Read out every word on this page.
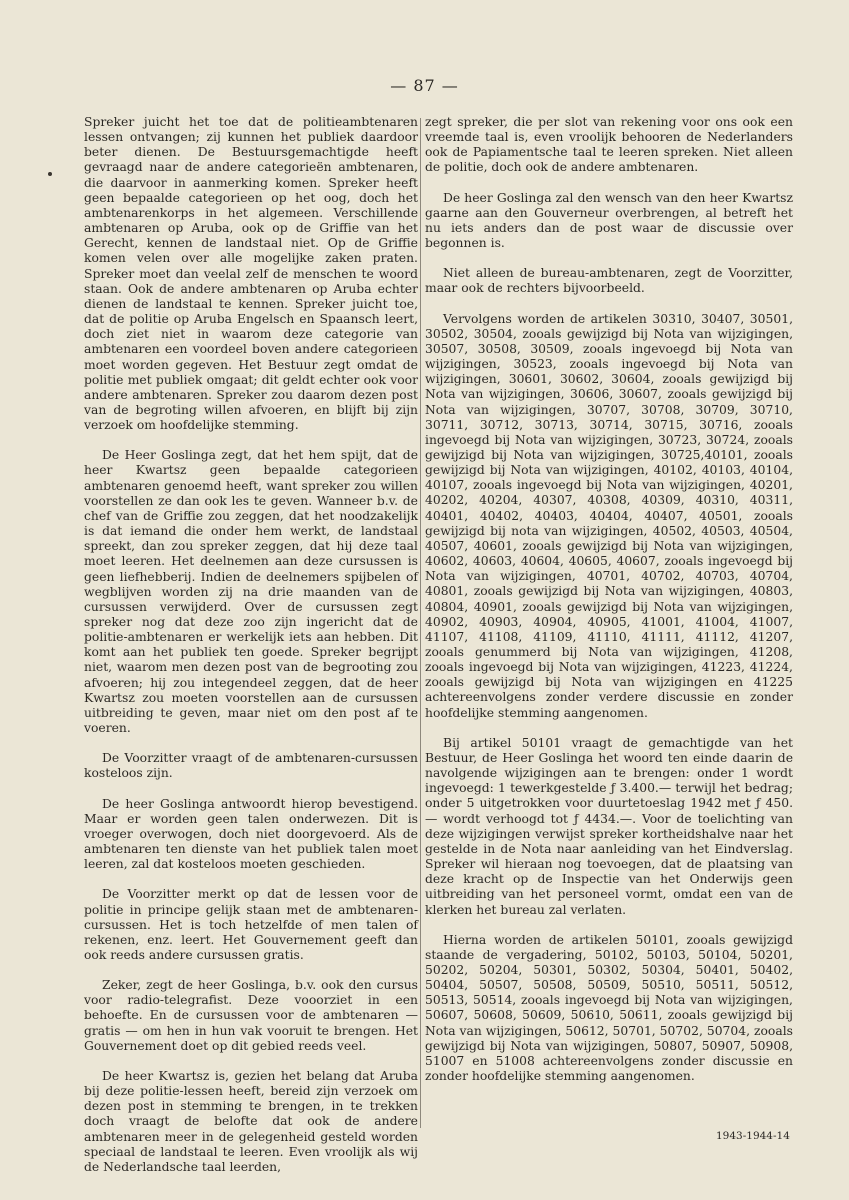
— 87 —

Spreker juicht het toe dat de politieambtenaren lessen ontvangen; zij kunnen het publiek daardoor beter dienen. De Bestuursgemachtigde heeft gevraagd naar de andere categorieën ambtenaren, die daarvoor in aanmerking komen. Spreker heeft geen bepaalde categorieen op het oog, doch het ambtenarenkorps in het algemeen. Verschillende ambtenaren op Aruba, ook op de Griffie van het Gerecht, kennen de landstaal niet. Op de Griffie komen velen over alle mogelijke zaken praten. Spreker moet dan veelal zelf de menschen te woord staan. Ook de andere ambtenaren op Aruba echter dienen de landstaal te kennen. Spreker juicht toe, dat de politie op Aruba Engelsch en Spaansch leert, doch ziet niet in waarom deze categorie van ambtenaren een voordeel boven andere categorieen moet worden gegeven. Het Bestuur zegt omdat de politie met publiek omgaat; dit geldt echter ook voor andere ambtenaren. Spreker zou daarom dezen post van de begroting willen afvoeren, en blijft bij zijn verzoek om hoofdelijke stemming.

De Heer Goslinga zegt, dat het hem spijt, dat de heer Kwartsz geen bepaalde categorieen ambtenaren genoemd heeft, want spreker zou willen voorstellen ze dan ook les te geven. Wanneer b.v. de chef van de Griffie zou zeggen, dat het noodzakelijk is dat iemand die onder hem werkt, de landstaal spreekt, dan zou spreker zeggen, dat hij deze taal moet leeren. Het deelnemen aan deze cursussen is geen liefhebberij. Indien de deelnemers spijbelen of wegblijven worden zij na drie maanden van de cursussen verwijderd. Over de cursussen zegt spreker nog dat deze zoo zijn ingericht dat de politie-ambtenaren er werkelijk iets aan hebben. Dit komt aan het publiek ten goede. Spreker begrijpt niet, waarom men dezen post van de begrooting zou afvoeren; hij zou integendeel zeggen, dat de heer Kwartsz zou moeten voorstellen aan de cursussen uitbreiding te geven, maar niet om den post af te voeren.

De Voorzitter vraagt of de ambtenaren-cursussen kosteloos zijn.

De heer Goslinga antwoordt hierop bevestigend. Maar er worden geen talen onderwezen. Dit is vroeger overwogen, doch niet doorgevoerd. Als de ambtenaren ten dienste van het publiek talen moet leeren, zal dat kosteloos moeten geschieden.

De Voorzitter merkt op dat de lessen voor de politie in principe gelijk staan met de ambtenaren-cursussen. Het is toch hetzelfde of men talen of rekenen, enz. leert. Het Gouvernement geeft dan ook reeds andere cursussen gratis.

Zeker, zegt de heer Goslinga, b.v. ook den cursus voor radio-telegrafist. Deze vooorziet in een behoefte. En de cursussen voor de ambtenaren — gratis — om hen in hun vak vooruit te brengen. Het Gouvernement doet op dit gebied reeds veel.

De heer Kwartsz is, gezien het belang dat Aruba bij deze politie-lessen heeft, bereid zijn verzoek om dezen post in stemming te brengen, in te trekken doch vraagt de belofte dat ook de andere ambtenaren meer in de gelegenheid gesteld worden speciaal de landstaal te leeren. Even vroolijk als wij de Nederlandsche taal leerden,

zegt spreker, die per slot van rekening voor ons ook een vreemde taal is, even vroolijk behooren de Nederlanders ook de Papiamentsche taal te leeren spreken. Niet alleen de politie, doch ook de andere ambtenaren.

De heer Goslinga zal den wensch van den heer Kwartsz gaarne aan den Gouverneur overbrengen, al betreft het nu iets anders dan de post waar de discussie over begonnen is.

Niet alleen de bureau-ambtenaren, zegt de Voorzitter, maar ook de rechters bijvoorbeeld.

Vervolgens worden de artikelen 30310, 30407, 30501, 30502, 30504, zooals gewijzigd bij Nota van wijzigingen, 30507, 30508, 30509, zooals ingevoegd bij Nota van wijzigingen, 30523, zooals ingevoegd bij Nota van wijzigingen, 30601, 30602, 30604, zooals gewijzigd bij Nota van wijzigingen, 30606, 30607, zooals gewijzigd bij Nota van wijzigingen, 30707, 30708, 30709, 30710, 30711, 30712, 30713, 30714, 30715, 30716, zooals ingevoegd bij Nota van wijzigingen, 30723, 30724, zooals gewijzigd bij Nota van wijzigingen, 30725,40101, zooals gewijzigd bij Nota van wijzigingen, 40102, 40103, 40104, 40107, zooals ingevoegd bij Nota van wijzigingen, 40201, 40202, 40204, 40307, 40308, 40309, 40310, 40311, 40401, 40402, 40403, 40404, 40407, 40501, zooals gewijzigd bij nota van wijzigingen, 40502, 40503, 40504, 40507, 40601, zooals gewijzigd bij Nota van wijzigingen, 40602, 40603, 40604, 40605, 40607, zooals ingevoegd bij Nota van wijzigingen, 40701, 40702, 40703, 40704, 40801, zooals gewijzigd bij Nota van wijzigingen, 40803, 40804, 40901, zooals gewijzigd bij Nota van wijzigingen, 40902, 40903, 40904, 40905, 41001, 41004, 41007, 41107, 41108, 41109, 41110, 41111, 41112, 41207, zooals genummerd bij Nota van wijzigingen, 41208, zooals ingevoegd bij Nota van wijzigingen, 41223, 41224, zooals gewijzigd bij Nota van wijzigingen en 41225 achtereenvolgens zonder verdere discussie en zonder hoofdelijke stemming aangenomen.

Bij artikel 50101 vraagt de gemachtigde van het Bestuur, de Heer Goslinga het woord ten einde daarin de navolgende wijzigingen aan te brengen: onder 1 wordt ingevoegd: 1 tewerkgestelde ƒ 3.400.— terwijl het bedrag; onder 5 uitgetrokken voor duurtetoeslag 1942 met ƒ 450.— wordt verhoogd tot ƒ 4434.—. Voor de toelichting van deze wijzigingen verwijst spreker kortheidshalve naar het gestelde in de Nota naar aanleiding van het Eindverslag. Spreker wil hieraan nog toevoegen, dat de plaatsing van deze kracht op de Inspectie van het Onderwijs geen uitbreiding van het personeel vormt, omdat een van de klerken het bureau zal verlaten.

Hierna worden de artikelen 50101, zooals gewijzigd staande de vergadering, 50102, 50103, 50104, 50201, 50202, 50204, 50301, 50302, 50304, 50401, 50402, 50404, 50507, 50508, 50509, 50510, 50511, 50512, 50513, 50514, zooals ingevoegd bij Nota van wijzigingen, 50607, 50608, 50609, 50610, 50611, zooals gewijzigd bij Nota van wijzigingen, 50612, 50701, 50702, 50704, zooals gewijzigd bij Nota van wijzigingen, 50807, 50907, 50908, 51007 en 51008 achtereenvolgens zonder discussie en zonder hoofdelijke stemming aangenomen.

1943-1944-14
